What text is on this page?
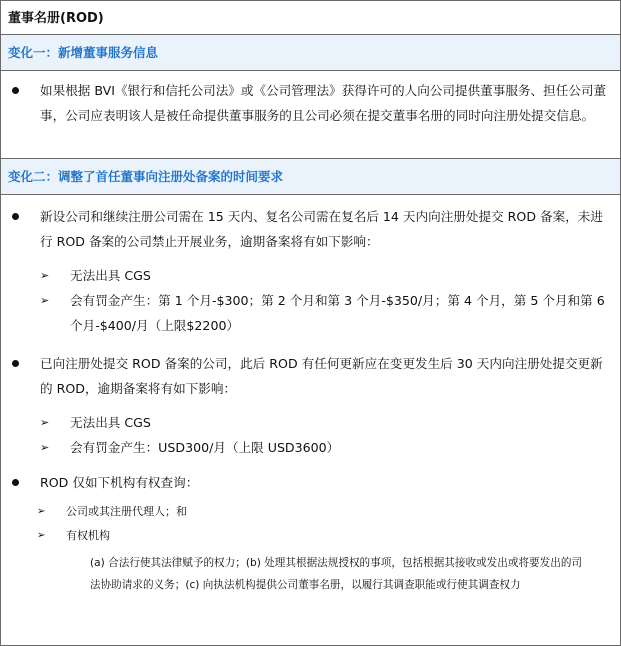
董事名册(ROD)
变化一：新增董事服务信息
如果根据 BVI《银行和信托公司法》或《公司管理法》获得许可的人向公司提供董事服务、担任公司董事，公司应表明该人是被任命提供董事服务的且公司必须在提交董事名册的同时向注册处提交信息。
变化二：调整了首任董事向注册处备案的时间要求
新设公司和继续注册公司需在 15 天内、复名公司需在复名后 14 天内向注册处提交 ROD 备案，未进行 ROD 备案的公司禁止开展业务，逾期备案将有如下影响：
➢ 无法出具 CGS
➢ 会有罚金产生：第 1 个月-$300；第 2 个月和第 3 个月-$350/月；第 4 个月，第 5 个月和第 6 个月-$400/月（上限$2200）
已向注册处提交 ROD 备案的公司，此后 ROD 有任何更新应在变更发生后 30 天内向注册处提交更新的 ROD，逾期备案将有如下影响：
➢ 无法出具 CGS
➢ 会有罚金产生：USD300/月（上限 USD3600）
ROD 仅如下机构有权查询：
➢ 公司或其注册代理人；和
➢ 有权机构
(a) 合法行使其法律赋予的权力；(b) 处理其根据法规授权的事项，包括根据其接收或发出或将要发出的司法协助请求的义务；(c) 向执法机构提供公司董事名册，以履行其调查职能或行使其调查权力
